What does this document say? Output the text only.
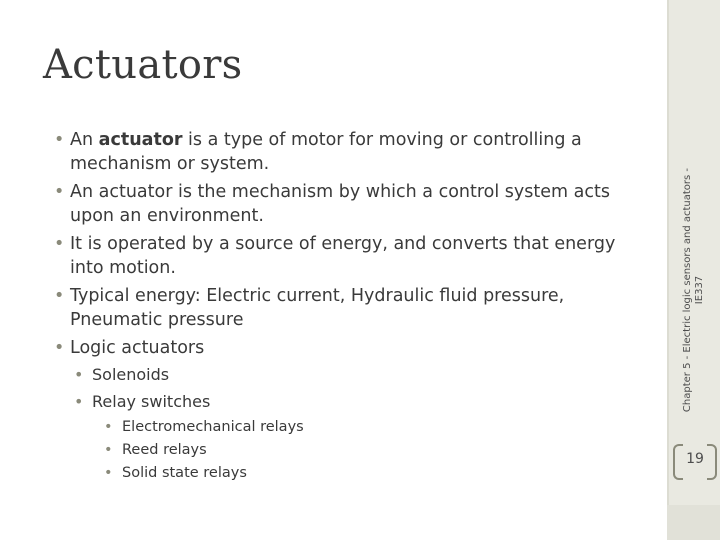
Actuators
• An actuator is a type of motor for moving or controlling a mechanism or system.
• An actuator is the mechanism by which a control system acts upon an environment.
• It is operated by a source of energy, and converts that energy into motion.
• Typical energy: Electric current, Hydraulic fluid pressure, Pneumatic pressure
• Logic actuators
• Solenoids
• Relay switches
• Electromechanical relays
• Reed relays
• Solid state relays
Chapter 5 - Electric logic sensors and actuators - IE337
19
